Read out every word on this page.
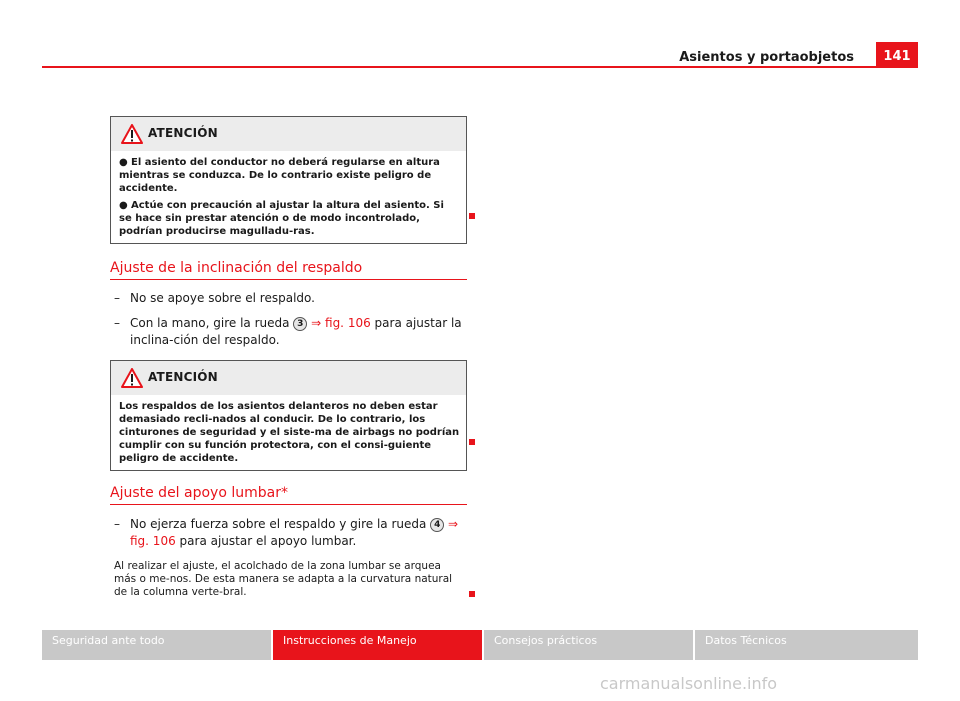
Asientos y portaobjetos	141
ATENCIÓN

● El asiento del conductor no deberá regularse en altura mientras se conduzca. De lo contrario existe peligro de accidente.

● Actúe con precaución al ajustar la altura del asiento. Si se hace sin prestar atención o de modo incontrolado, podrían producirse magulladu-ras.

Ajuste de la inclinación del respaldo
– No se apoye sobre el respaldo.
– Con la mano, gire la rueda 3 ⇒ fig. 106 para ajustar la inclina-ción del respaldo.
ATENCIÓN

Los respaldos de los asientos delanteros no deben estar demasiado recli-nados al conducir. De lo contrario, los cinturones de seguridad y el siste-ma de airbags no podrían cumplir con su función protectora, con el consi-guiente peligro de accidente.

Ajuste del apoyo lumbar*
– No ejerza fuerza sobre el respaldo y gire la rueda 4 ⇒ fig. 106 para ajustar el apoyo lumbar.
Al realizar el ajuste, el acolchado de la zona lumbar se arquea más o me-nos. De esta manera se adapta a la curvatura natural de la columna verte-bral.
Seguridad ante todo	Instrucciones de Manejo	Consejos prácticos	Datos Técnicos
carmanualsonline.info
